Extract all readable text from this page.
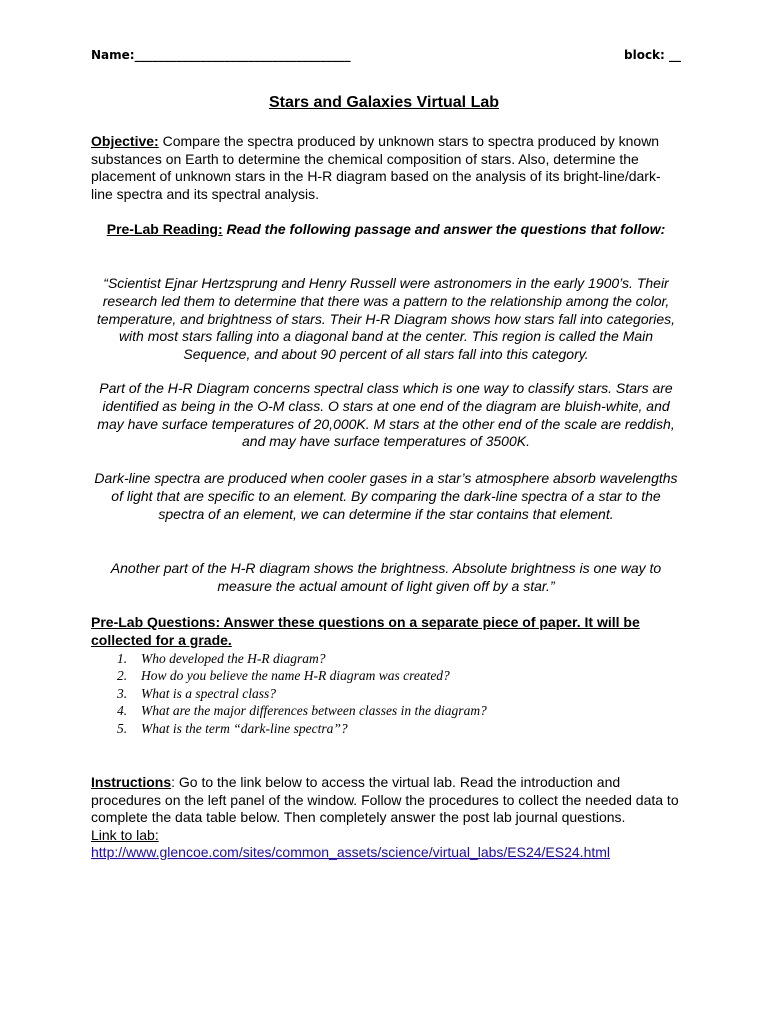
Name:____________________________________	block: __
Stars and Galaxies Virtual Lab
Objective: Compare the spectra produced by unknown stars to spectra produced by known substances on Earth to determine the chemical composition of stars. Also, determine the placement of unknown stars in the H-R diagram based on the analysis of its bright-line/dark-line spectra and its spectral analysis.
Pre-Lab Reading: Read the following passage and answer the questions that follow:
“Scientist Ejnar Hertzsprung and Henry Russell were astronomers in the early 1900’s. Their research led them to determine that there was a pattern to the relationship among the color, temperature, and brightness of stars. Their H-R Diagram shows how stars fall into categories, with most stars falling into a diagonal band at the center. This region is called the Main Sequence, and about 90 percent of all stars fall into this category.
Part of the H-R Diagram concerns spectral class which is one way to classify stars. Stars are identified as being in the O-M class. O stars at one end of the diagram are bluish-white, and may have surface temperatures of 20,000K. M stars at the other end of the scale are reddish, and may have surface temperatures of 3500K.
Dark-line spectra are produced when cooler gases in a star’s atmosphere absorb wavelengths of light that are specific to an element. By comparing the dark-line spectra of a star to the spectra of an element, we can determine if the star contains that element.
Another part of the H-R diagram shows the brightness. Absolute brightness is one way to measure the actual amount of light given off by a star.”
Pre-Lab Questions: Answer these questions on a separate piece of paper. It will be collected for a grade.
1.	Who developed the H-R diagram?
2.	How do you believe the name H-R diagram was created?
3.	What is a spectral class?
4.	What are the major differences between classes in the diagram?
5.	What is the term “dark-line spectra”?
Instructions: Go to the link below to access the virtual lab. Read the introduction and procedures on the left panel of the window. Follow the procedures to collect the needed data to complete the data table below. Then completely answer the post lab journal questions.
Link to lab:
http://www.glencoe.com/sites/common_assets/science/virtual_labs/ES24/ES24.html
